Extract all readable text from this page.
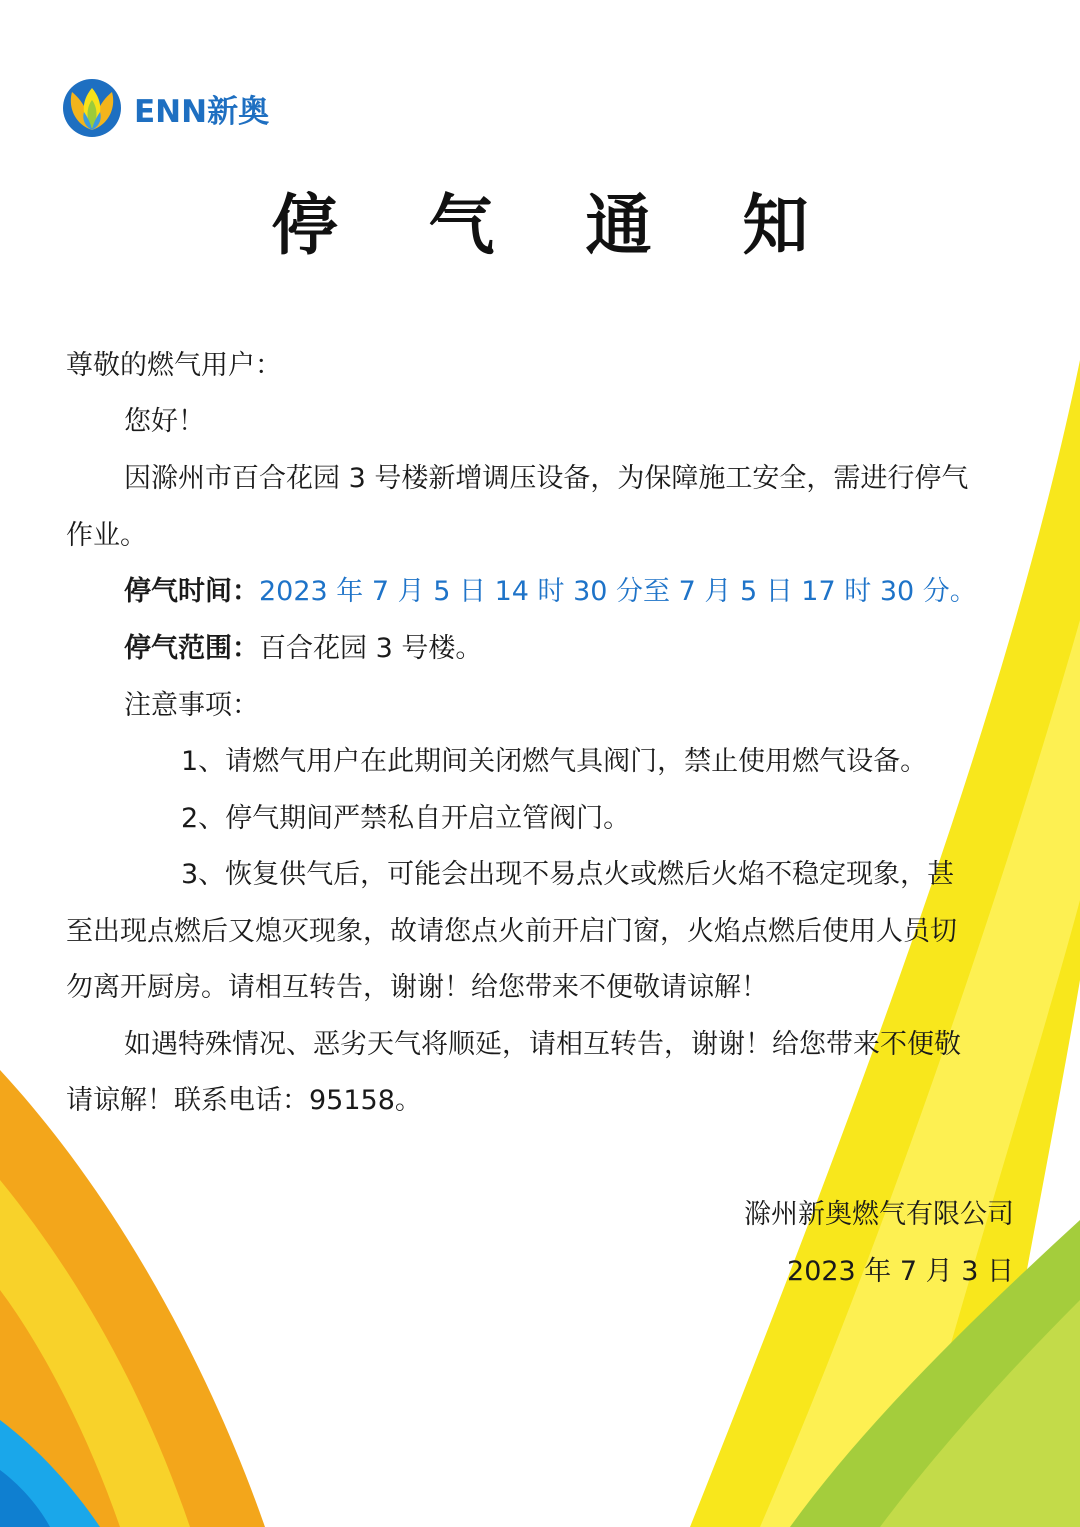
ENN新奥
停 气 通 知
尊敬的燃气用户：
您好！
因滁州市百合花园 3 号楼新增调压设备，为保障施工安全，需进行停气
作业。
停气时间：2023 年 7 月 5 日 14 时 30 分至 7 月 5 日 17 时 30 分。
停气范围：百合花园 3 号楼。
注意事项：
1、请燃气用户在此期间关闭燃气具阀门，禁止使用燃气设备。
2、停气期间严禁私自开启立管阀门。
3、恢复供气后，可能会出现不易点火或燃后火焰不稳定现象，甚
至出现点燃后又熄灭现象，故请您点火前开启门窗，火焰点燃后使用人员切
勿离开厨房。请相互转告，谢谢！给您带来不便敬请谅解！
如遇特殊情况、恶劣天气将顺延，请相互转告，谢谢！给您带来不便敬
请谅解！联系电话：95158。
滁州新奥燃气有限公司
2023 年 7 月 3 日
